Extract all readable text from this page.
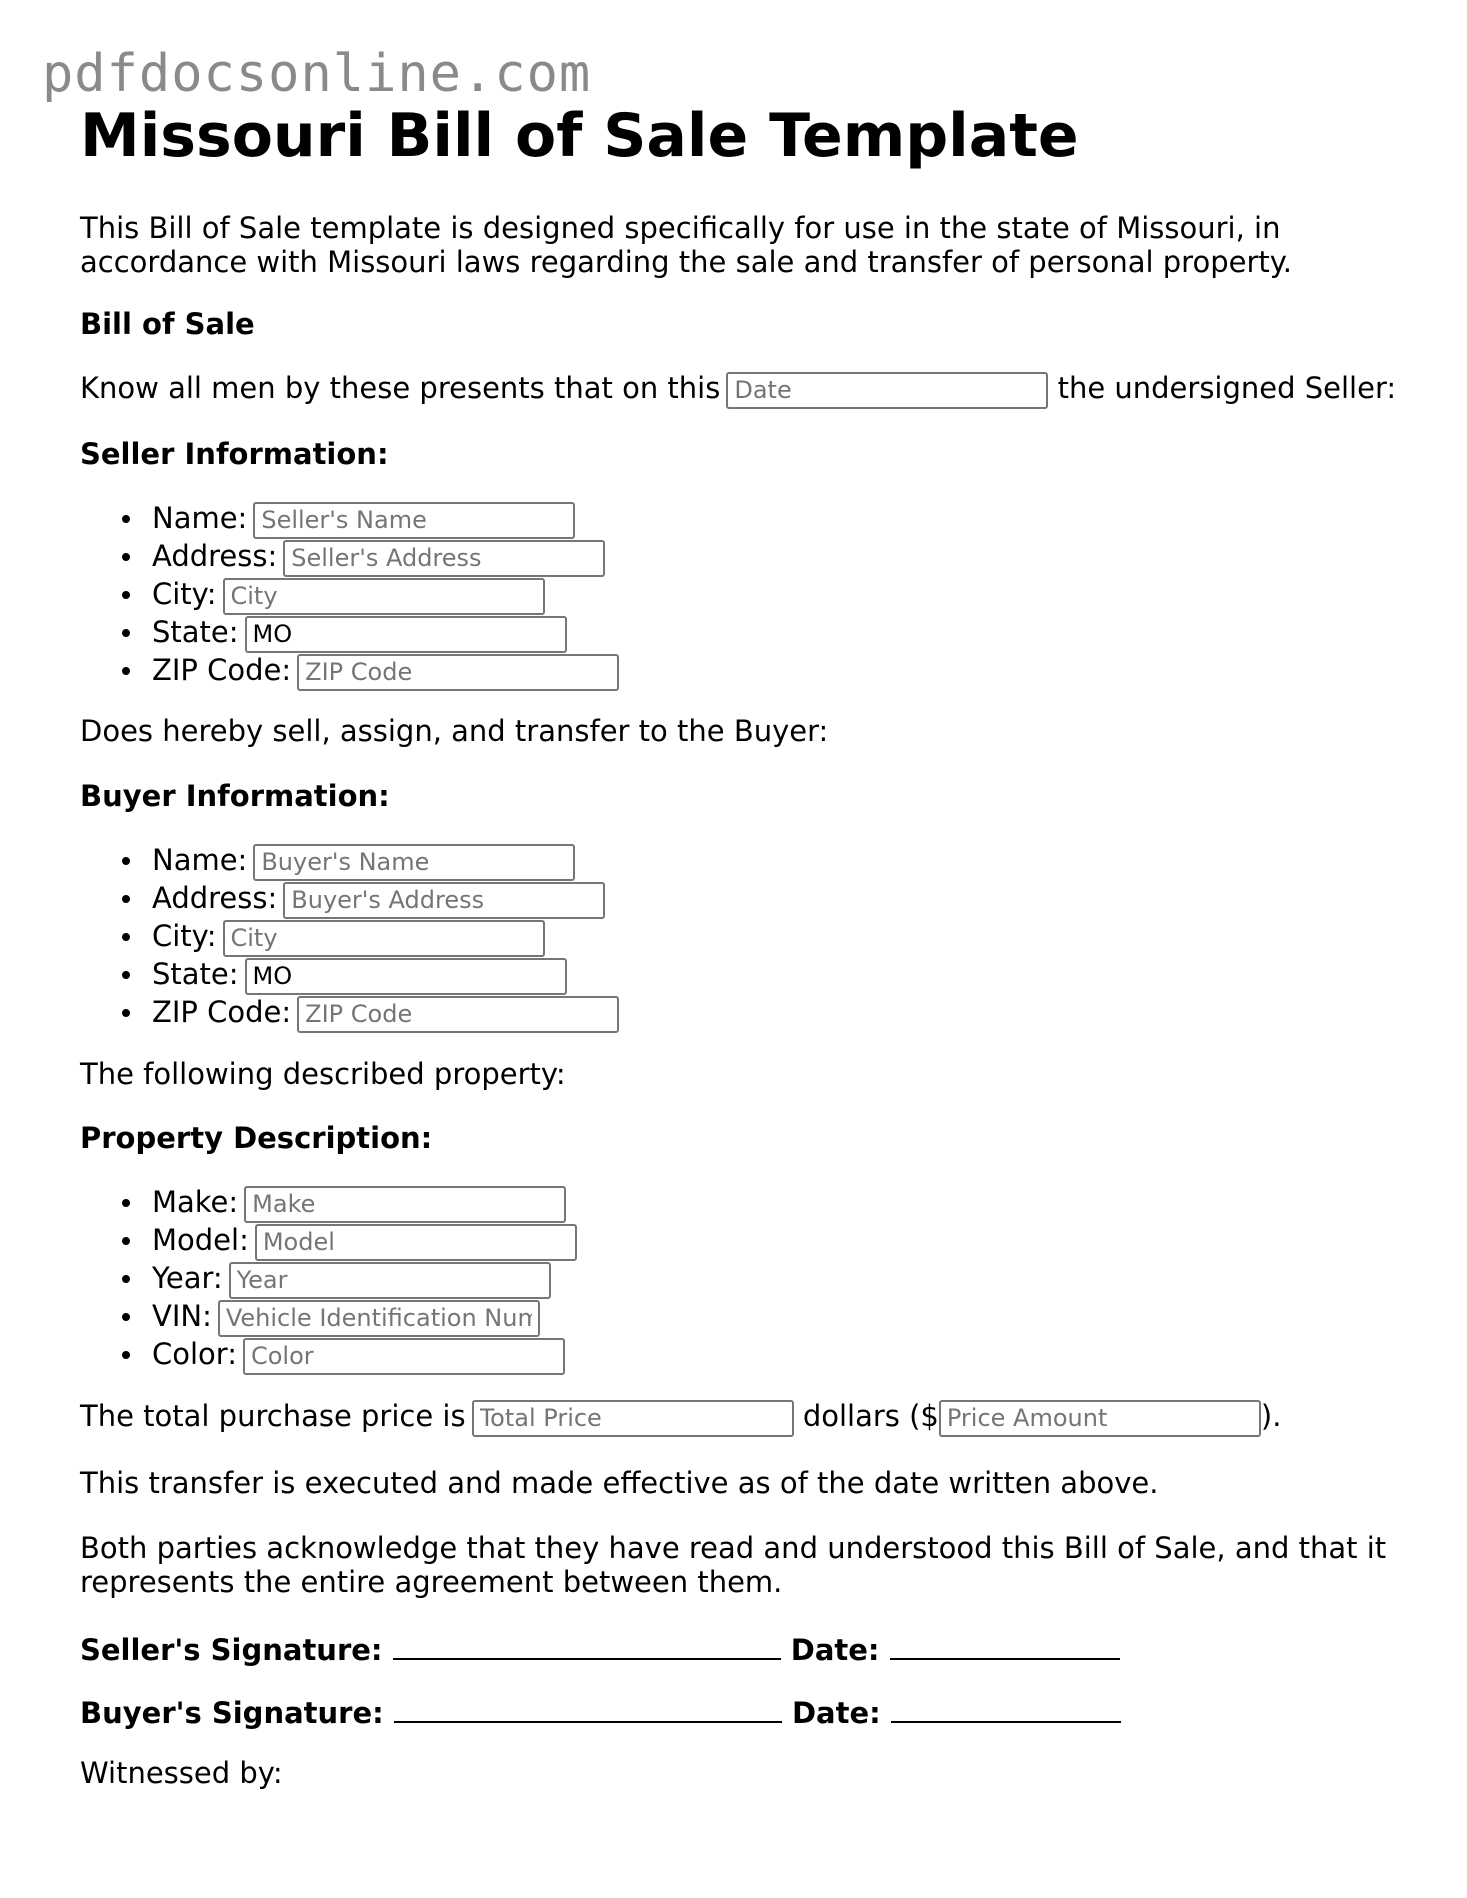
pdfdocsonline.com
Missouri Bill of Sale Template

This Bill of Sale template is designed specifically for use in the state of Missouri, in accordance with Missouri laws regarding the sale and transfer of personal property.

Bill of Sale

Know all men by these presents that on thisDate	the undersigned Seller:

Seller Information:

Name:Seller's Name
Address:Seller's Address
City:City
State:MO
ZIP Code:ZIP Code

Does hereby sell, assign, and transfer to the Buyer:

Buyer Information:

Name:Buyer's Name
Address:Buyer's Address
City:City
State:MO
ZIP Code:ZIP Code

The following described property:

Property Description:

Make:Make
Model:Model
Year:Year
VIN:Vehicle Identification Number
Color:Color

The total purchase price isTotal Price	dollars ($Price Amount	).

This transfer is executed and made effective as of the date written above.

Both parties acknowledge that they have read and understood this Bill of Sale, and that it represents the entire agreement between them.

Seller's Signature:	Date:

Buyer's Signature:	Date:

Witnessed by:
